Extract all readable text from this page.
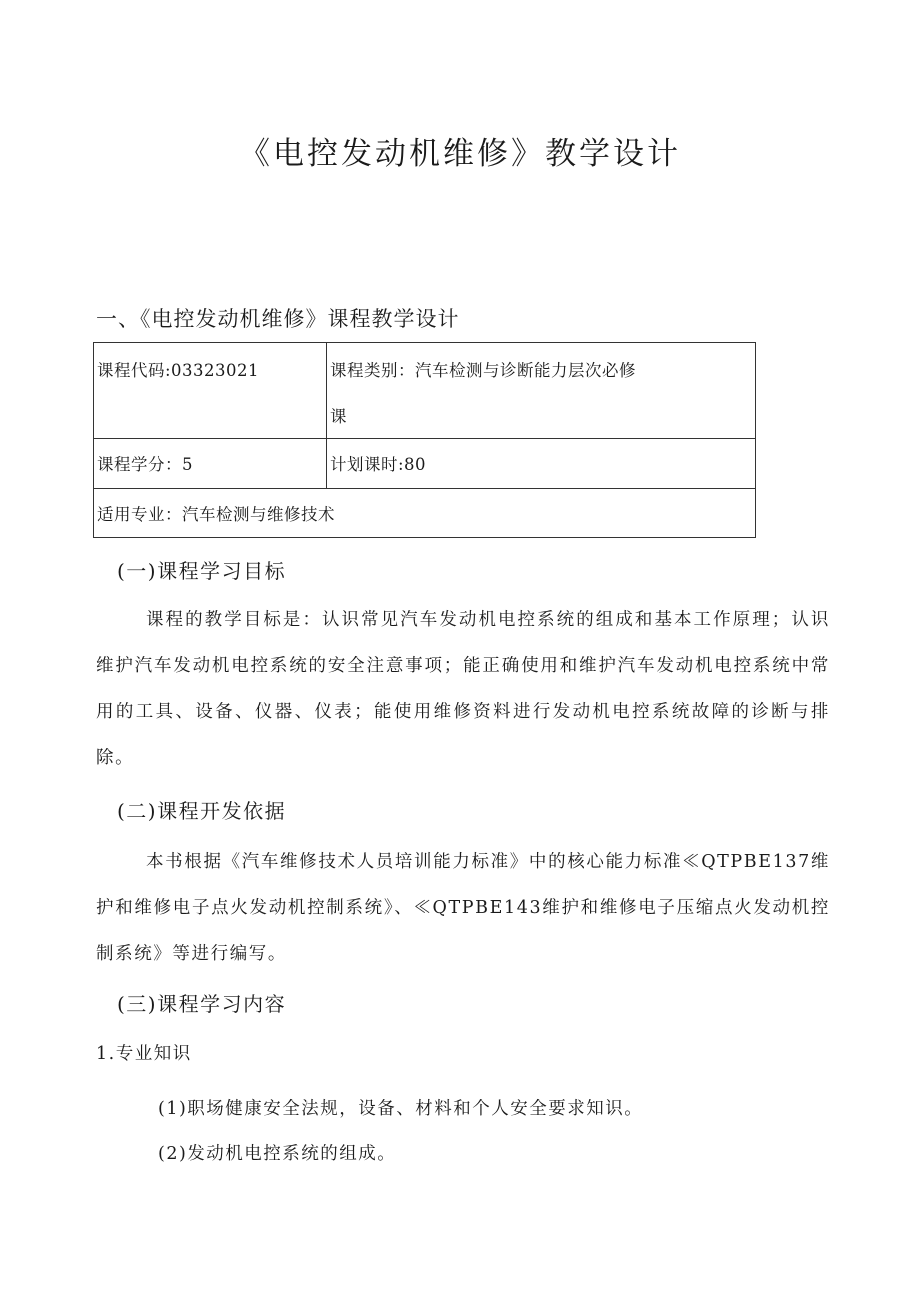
《电控发动机维修》教学设计
一、《电控发动机维修》课程教学设计
课程代码:03323021	课程类别：汽车检测与诊断能力层次必修
课

课程学分：5	计划课时:80

适用专业：汽车检测与维修技术	
(一)课程学习目标

课程的教学目标是：认识常见汽车发动机电控系统的组成和基本工作原理；认识维护汽车发动机电控系统的安全注意事项；能正确使用和维护汽车发动机电控系统中常用的工具、设备、仪器、仪表；能使用维修资料进行发动机电控系统故障的诊断与排除。

(二)课程开发依据

本书根据《汽车维修技术人员培训能力标准》中的核心能力标准≪QTPBE137维护和维修电子点火发动机控制系统》、≪QTPBE143维护和维修电子压缩点火发动机控制系统》等进行编写。

(三)课程学习内容

1.专业知识

(1)职场健康安全法规，设备、材料和个人安全要求知识。

(2)发动机电控系统的组成。
